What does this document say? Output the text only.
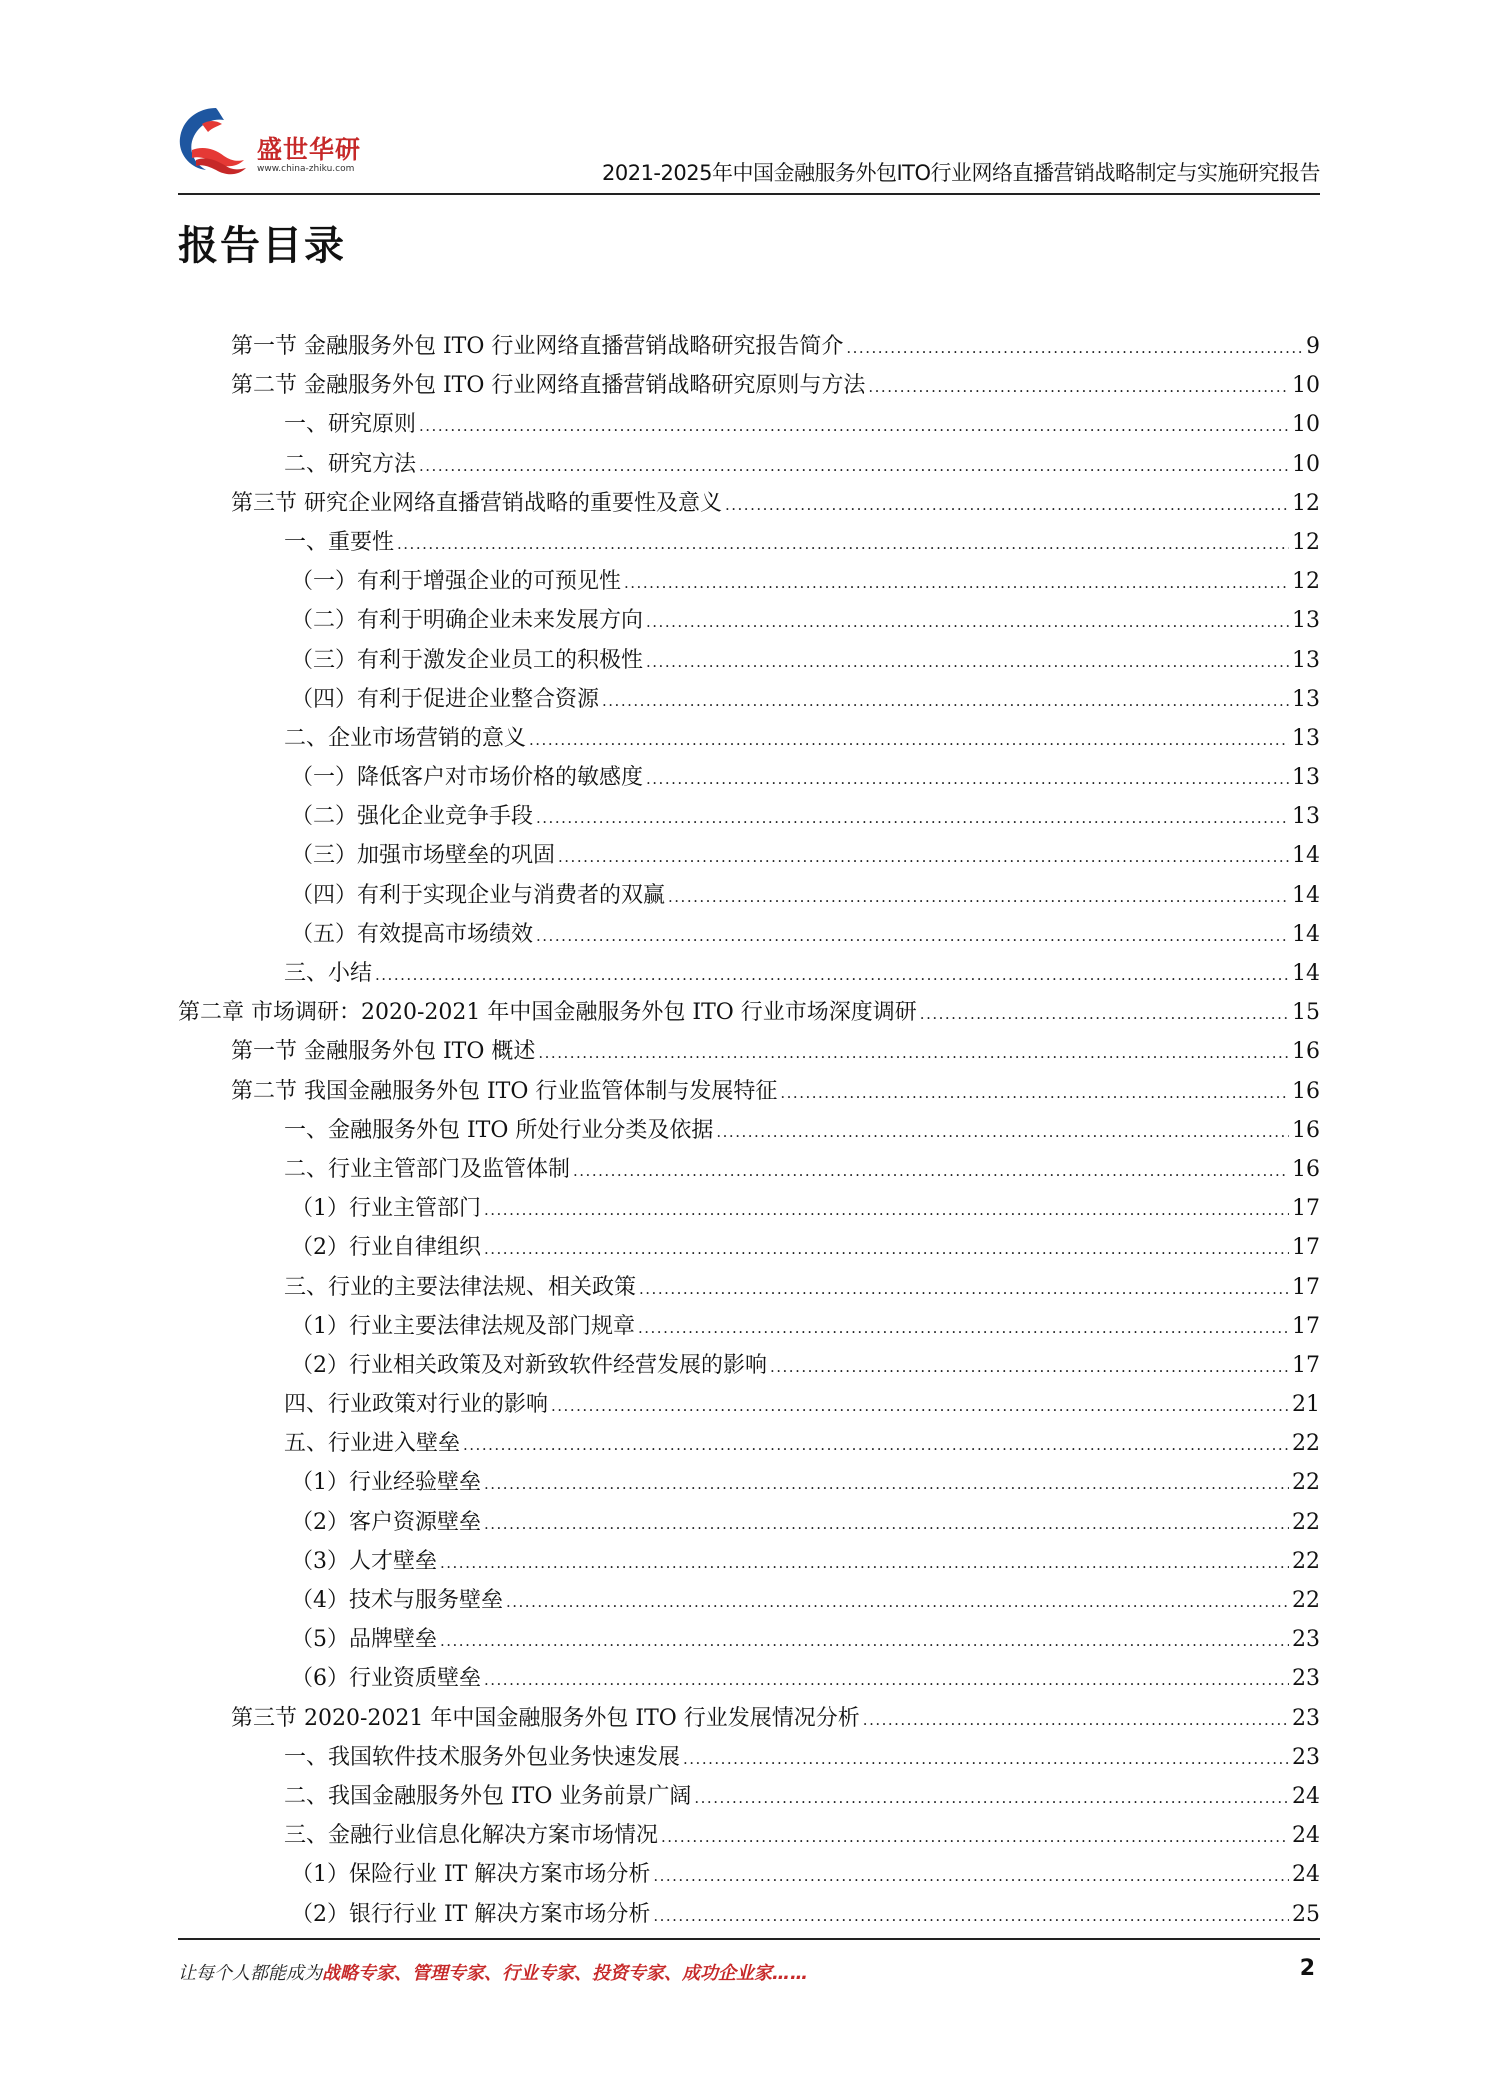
盛世华研
www.china-zhiku.com	2021-2025年中国金融服务外包ITO行业网络直播营销战略制定与实施研究报告
报告目录
第一节 金融服务外包 ITO 行业网络直播营销战略研究报告简介 .....	9
第二节 金融服务外包 ITO 行业网络直播营销战略研究原则与方法 .....	10
一、研究原则 .....	10
二、研究方法 .....	10
第三节 研究企业网络直播营销战略的重要性及意义 .....	12
一、重要性 .....	12
（一）有利于增强企业的可预见性 .....	12
（二）有利于明确企业未来发展方向 .....	13
（三）有利于激发企业员工的积极性 .....	13
（四）有利于促进企业整合资源 .....	13
二、企业市场营销的意义 .....	13
（一）降低客户对市场价格的敏感度 .....	13
（二）强化企业竞争手段 .....	13
（三）加强市场壁垒的巩固 .....	14
（四）有利于实现企业与消费者的双赢 .....	14
（五）有效提高市场绩效 .....	14
三、小结 .....	14
第二章 市场调研：2020-2021 年中国金融服务外包 ITO 行业市场深度调研 .....	15
第一节 金融服务外包 ITO 概述 .....	16
第二节 我国金融服务外包 ITO 行业监管体制与发展特征 .....	16
一、金融服务外包 ITO 所处行业分类及依据 .....	16
二、行业主管部门及监管体制 .....	16
（1）行业主管部门 .....	17
（2）行业自律组织 .....	17
三、行业的主要法律法规、相关政策 .....	17
（1）行业主要法律法规及部门规章 .....	17
（2）行业相关政策及对新致软件经营发展的影响 .....	17
四、行业政策对行业的影响 .....	21
五、行业进入壁垒 .....	22
（1）行业经验壁垒 .....	22
（2）客户资源壁垒 .....	22
（3）人才壁垒 .....	22
（4）技术与服务壁垒 .....	22
（5）品牌壁垒 .....	23
（6）行业资质壁垒 .....	23
第三节 2020-2021 年中国金融服务外包 ITO 行业发展情况分析 .....	23
一、我国软件技术服务外包业务快速发展 .....	23
二、我国金融服务外包 ITO 业务前景广阔 .....	24
三、金融行业信息化解决方案市场情况 .....	24
（1）保险行业 IT 解决方案市场分析 .....	24
（2）银行行业 IT 解决方案市场分析 .....	25
让每个人都能成为战略专家、管理专家、行业专家、投资专家、成功企业家……	2
